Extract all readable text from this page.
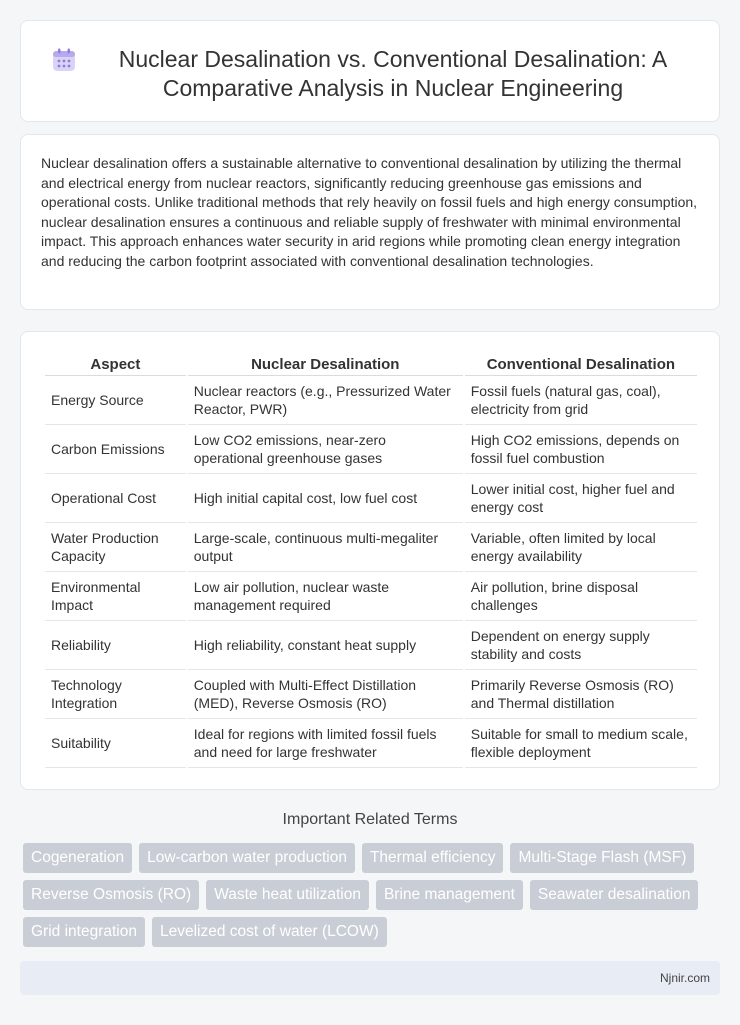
Nuclear Desalination vs. Conventional Desalination: A Comparative Analysis in Nuclear Engineering

Nuclear desalination offers a sustainable alternative to conventional desalination by utilizing the thermal and electrical energy from nuclear reactors, significantly reducing greenhouse gas emissions and operational costs. Unlike traditional methods that rely heavily on fossil fuels and high energy consumption, nuclear desalination ensures a continuous and reliable supply of freshwater with minimal environmental impact. This approach enhances water security in arid regions while promoting clean energy integration and reducing the carbon footprint associated with conventional desalination technologies.

Aspect	Nuclear Desalination	Conventional Desalination
Energy Source	Nuclear reactors (e.g., Pressurized Water Reactor, PWR)	Fossil fuels (natural gas, coal), electricity from grid
Carbon Emissions	Low CO2 emissions, near-zero operational greenhouse gases	High CO2 emissions, depends on fossil fuel combustion
Operational Cost	High initial capital cost, low fuel cost	Lower initial cost, higher fuel and energy cost
Water Production Capacity	Large-scale, continuous multi-megaliter output	Variable, often limited by local energy availability
Environmental Impact	Low air pollution, nuclear waste management required	Air pollution, brine disposal challenges
Reliability	High reliability, constant heat supply	Dependent on energy supply stability and costs
Technology Integration	Coupled with Multi-Effect Distillation (MED), Reverse Osmosis (RO)	Primarily Reverse Osmosis (RO) and Thermal distillation
Suitability	Ideal for regions with limited fossil fuels and need for large freshwater	Suitable for small to medium scale, flexible deployment
Important Related Terms
Cogeneration	Low-carbon water production	Thermal efficiency	Multi-Stage Flash (MSF)
Reverse Osmosis (RO)	Waste heat utilization	Brine management	Seawater desalination
Grid integration	Levelized cost of water (LCOW)
Njnir.com
